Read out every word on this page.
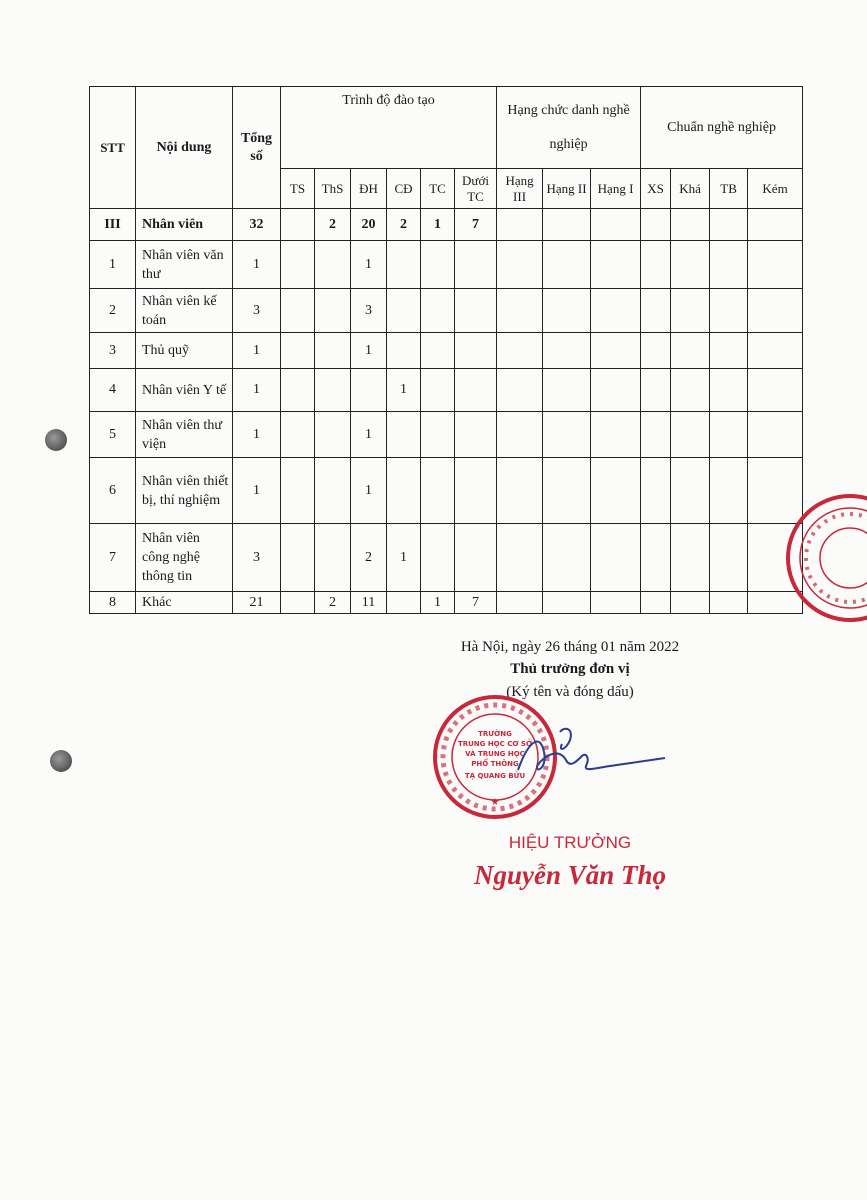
STT	Nội dung	Tổng số	Trình độ đào tạo						Hạng chức danh nghề nghiệp			Chuẩn nghề nghiệp			
			TS	ThS	ĐH	CĐ	TC	Dưới TC	Hạng III	Hạng II	Hạng I	XS	Khá	TB	Kém
III	Nhân viên	32		2	20	2	1	7							
1	Nhân viên văn thư	1			1										
2	Nhân viên kế toán	3			3										
3	Thủ quỹ	1			1										
4	Nhân viên Y tế	1				1									
5	Nhân viên thư viện	1			1										
6	Nhân viên thiết bị, thí nghiệm	1			1										
7	Nhân viên công nghệ thông tin	3			2	1									
8	Khác	21		2	11		1	7							
Hà Nội, ngày 26 tháng 01 năm 2022
Thủ trưởng đơn vị
(Ký tên và đóng dấu)
TRƯỜNG
TRUNG HỌC CƠ SỞ
VÀ TRUNG HỌC
PHỔ THÔNG
TẠ QUANG BỬU
★
HIỆU TRƯỞNG
Nguyễn Văn Thọ
